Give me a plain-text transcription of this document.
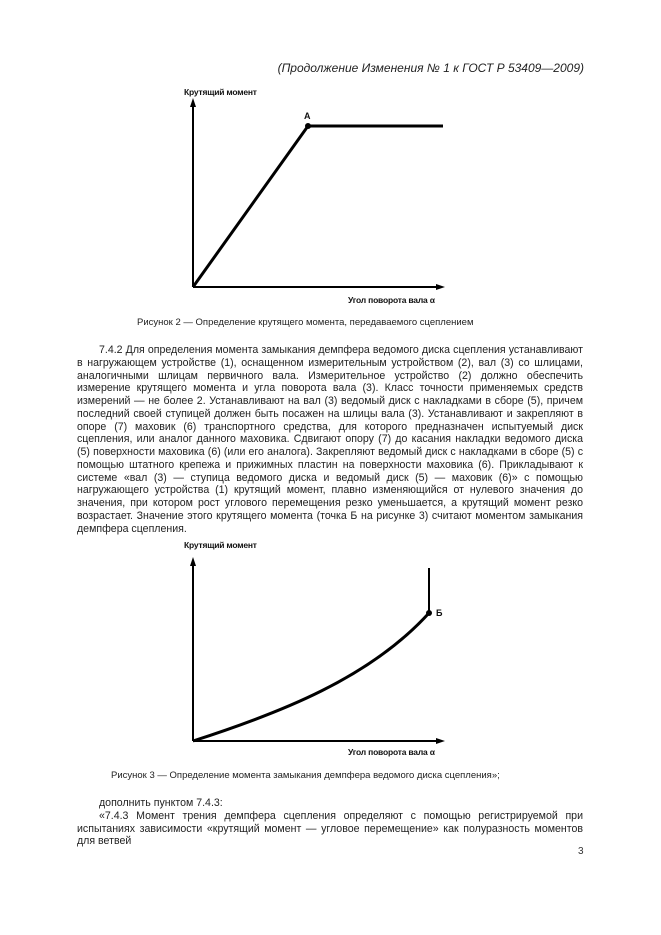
(Продолжение Изменения № 1 к ГОСТ Р 53409—2009)
Крутящий момент
А
Угол поворота вала α
Рисунок 2 — Определение крутящего момента, передаваемого сцеплением

7.4.2 Для определения момента замыкания демпфера ведомого диска сцепления устанавливают в нагружающем устройстве (1), оснащенном измерительным устройством (2), вал (3) со шлицами, аналогичными шлицам первичного вала. Измерительное устройство (2) должно обеспечить измерение крутящего момента и угла поворота вала (3). Класс точности применяемых средств измерений — не более 2. Устанавливают на вал (3) ведомый диск с накладками в сборе (5), причем последний своей ступицей должен быть посажен на шлицы вала (3). Устанавливают и закрепляют в опоре (7) маховик (6) транспортного средства, для которого предназначен испытуемый диск сцепления, или аналог данного маховика. Сдвигают опору (7) до касания накладки ведомого диска (5) поверхности маховика (6) (или его аналога). Закрепляют ведомый диск с накладками в сборе (5) с помощью штатного крепежа и прижимных пластин на поверхности маховика (6). Прикладывают к системе «вал (3) — ступица ведомого диска и ведомый диск (5) — маховик (6)» с помощью нагружающего устройства (1) крутящий момент, плавно изменяющийся от нулевого значения до значения, при котором рост углового перемещения резко уменьшается, а крутящий момент резко возрастает. Значение этого крутящего момента (точка Б на рисунке 3) считают моментом замыкания демпфера сцепления.

Крутящий момент
Б
Угол поворота вала α
Рисунок 3 — Определение момента замыкания демпфера ведомого диска сцепления»;

дополнить пунктом 7.4.3:

«7.4.3 Момент трения демпфера сцепления определяют с помощью регистрируемой при испытаниях зависимости «крутящий момент — угловое перемещение» как полуразность моментов для ветвей

3
